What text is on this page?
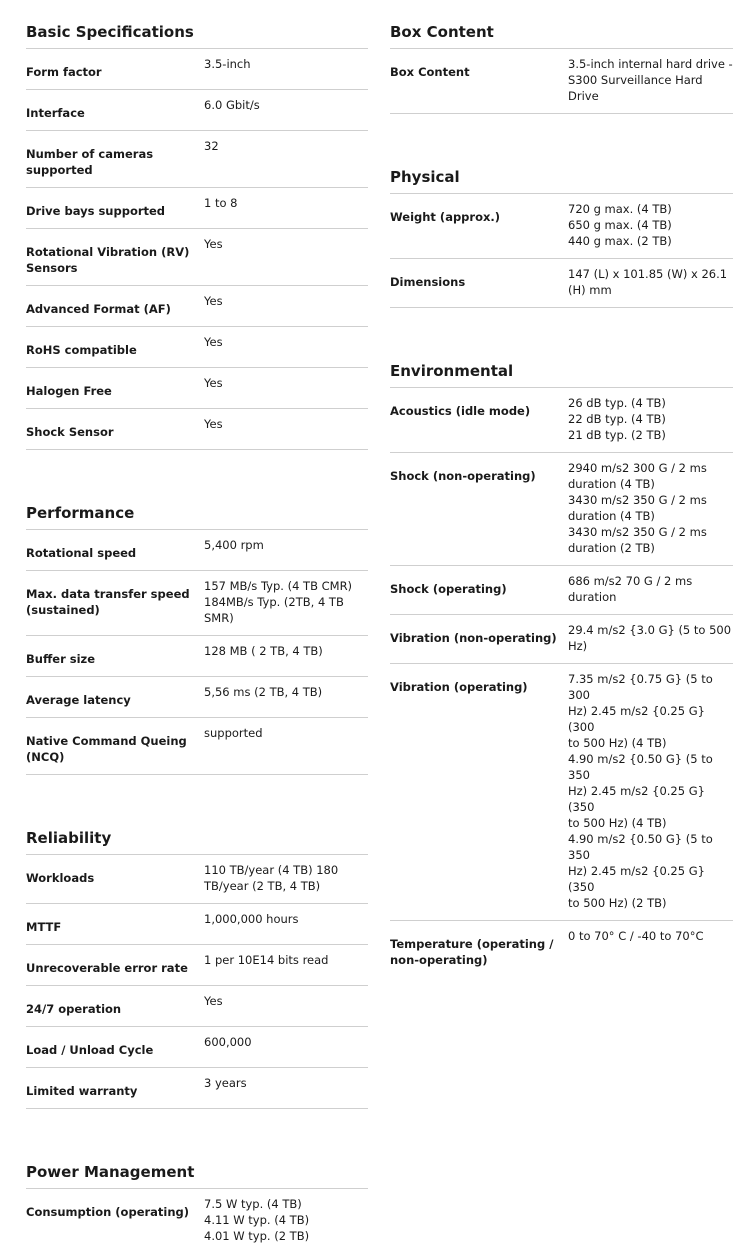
Basic Specifications
Form factor
3.5-inch
Interface
6.0 Gbit/s
Number of cameras supported
32
Drive bays supported
1 to 8
Rotational Vibration (RV) Sensors
Yes
Advanced Format (AF)
Yes
RoHS compatible
Yes
Halogen Free
Yes
Shock Sensor
Yes
Performance
Rotational speed
5,400 rpm
Max. data transfer speed (sustained)
157 MB/s Typ. (4 TB CMR)
184MB/s Typ. (2TB, 4 TB SMR)
Buffer size
128 MB ( 2 TB, 4 TB)
Average latency
5,56 ms (2 TB, 4 TB)
Native Command Queing (NCQ)
supported
Reliability
Workloads
110 TB/year (4 TB) 180
TB/year (2 TB, 4 TB)
MTTF
1,000,000 hours
Unrecoverable error rate
1 per 10E14 bits read
24/7 operation
Yes
Load / Unload Cycle
600,000
Limited warranty
3 years
Power Management
Consumption (operating)
7.5 W typ. (4 TB)
4.11 W typ. (4 TB)
4.01 W typ. (2 TB)
Box Content
Box Content
3.5-inch internal hard drive -
S300 Surveillance Hard Drive
Physical
Weight (approx.)
720 g max. (4 TB)
650 g max. (4 TB)
440 g max. (2 TB)
Dimensions
147 (L) x 101.85 (W) x 26.1
(H) mm
Environmental
Acoustics (idle mode)
26 dB typ. (4 TB)
22 dB typ. (4 TB)
21 dB typ. (2 TB)
Shock (non-operating)
2940 m/s2 300 G / 2 ms
duration (4 TB)
3430 m/s2 350 G / 2 ms
duration (4 TB)
3430 m/s2 350 G / 2 ms
duration (2 TB)
Shock (operating)
686 m/s2 70 G / 2 ms duration
Vibration (non-operating)
29.4 m/s2 {3.0 G} (5 to 500
Hz)
Vibration (operating)
7.35 m/s2 {0.75 G} (5 to 300
Hz) 2.45 m/s2 {0.25 G} (300
to 500 Hz) (4 TB)
4.90 m/s2 {0.50 G} (5 to 350
Hz) 2.45 m/s2 {0.25 G} (350
to 500 Hz) (4 TB)
4.90 m/s2 {0.50 G} (5 to 350
Hz) 2.45 m/s2 {0.25 G} (350
to 500 Hz) (2 TB)
Temperature (operating / non-operating)
0 to 70° C / -40 to 70°C
